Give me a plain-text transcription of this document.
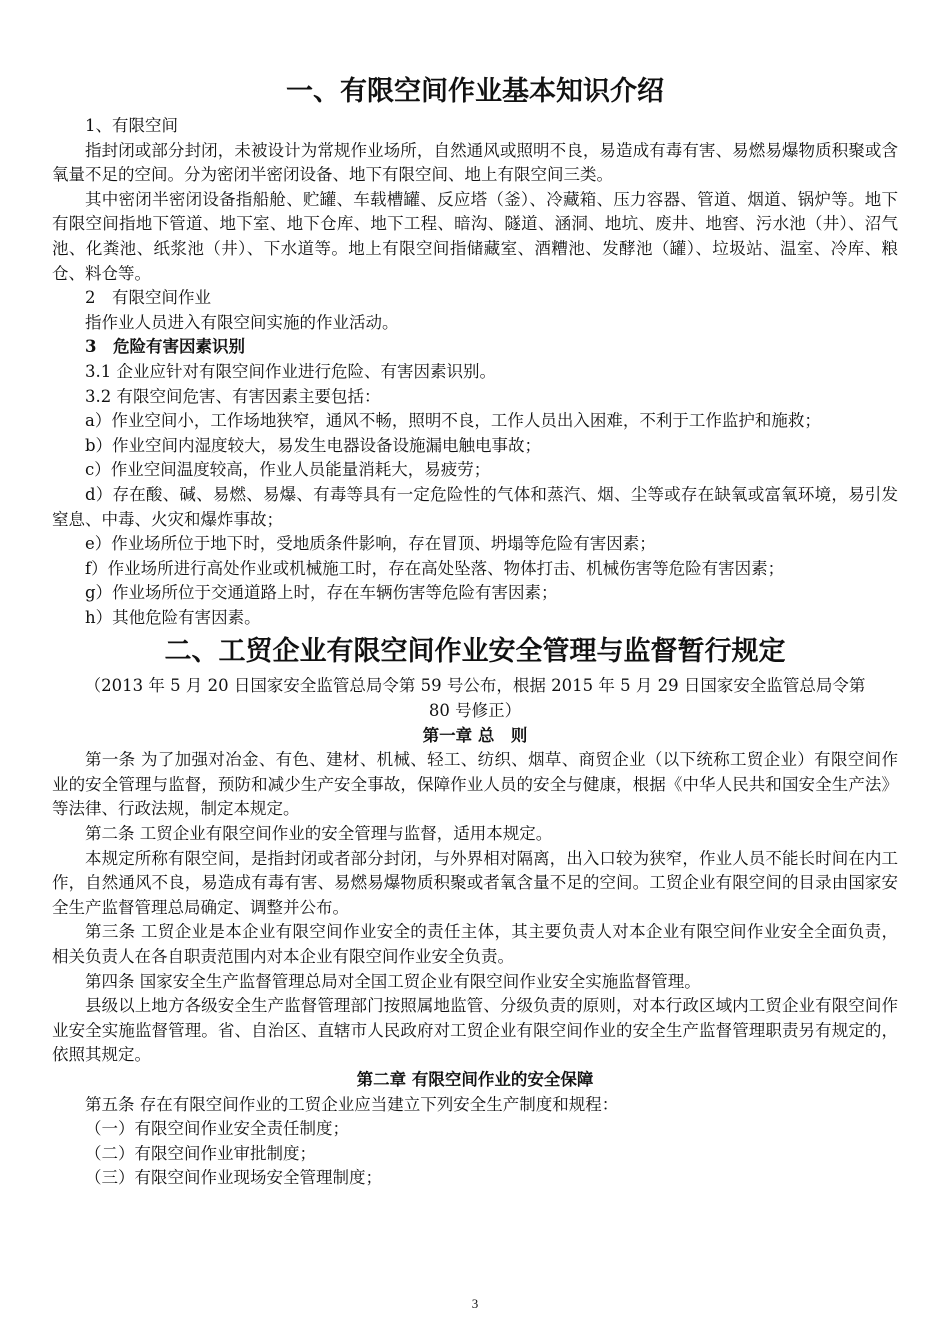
一、有限空间作业基本知识介绍

1、有限空间

指封闭或部分封闭，未被设计为常规作业场所，自然通风或照明不良，易造成有毒有害、易燃易爆物质积聚或含氧量不足的空间。分为密闭半密闭设备、地下有限空间、地上有限空间三类。

其中密闭半密闭设备指船舱、贮罐、车载槽罐、反应塔（釜）、冷藏箱、压力容器、管道、烟道、锅炉等。地下有限空间指地下管道、地下室、地下仓库、地下工程、暗沟、隧道、涵洞、地坑、废井、地窖、污水池（井）、沼气池、化粪池、纸浆池（井）、下水道等。地上有限空间指储藏室、酒糟池、发酵池（罐）、垃圾站、温室、冷库、粮仓、料仓等。

2　有限空间作业

指作业人员进入有限空间实施的作业活动。

3　危险有害因素识别

3.1 企业应针对有限空间作业进行危险、有害因素识别。

3.2 有限空间危害、有害因素主要包括：

a）作业空间小，工作场地狭窄，通风不畅，照明不良，工作人员出入困难，不利于工作监护和施救；

b）作业空间内湿度较大，易发生电器设备设施漏电触电事故；

c）作业空间温度较高，作业人员能量消耗大，易疲劳；

d）存在酸、碱、易燃、易爆、有毒等具有一定危险性的气体和蒸汽、烟、尘等或存在缺氧或富氧环境，易引发窒息、中毒、火灾和爆炸事故；

e）作业场所位于地下时，受地质条件影响，存在冒顶、坍塌等危险有害因素；

f）作业场所进行高处作业或机械施工时，存在高处坠落、物体打击、机械伤害等危险有害因素；

g）作业场所位于交通道路上时，存在车辆伤害等危险有害因素；

h）其他危险有害因素。

二、工贸企业有限空间作业安全管理与监督暂行规定

（2013 年 5 月 20 日国家安全监管总局令第 59 号公布，根据 2015 年 5 月 29 日国家安全监管总局令第 80 号修正）

第一章 总　则

第一条 为了加强对冶金、有色、建材、机械、轻工、纺织、烟草、商贸企业（以下统称工贸企业）有限空间作业的安全管理与监督，预防和减少生产安全事故，保障作业人员的安全与健康，根据《中华人民共和国安全生产法》等法律、行政法规，制定本规定。

第二条 工贸企业有限空间作业的安全管理与监督，适用本规定。

本规定所称有限空间，是指封闭或者部分封闭，与外界相对隔离，出入口较为狭窄，作业人员不能长时间在内工作，自然通风不良，易造成有毒有害、易燃易爆物质积聚或者氧含量不足的空间。工贸企业有限空间的目录由国家安全生产监督管理总局确定、调整并公布。

第三条 工贸企业是本企业有限空间作业安全的责任主体，其主要负责人对本企业有限空间作业安全全面负责，相关负责人在各自职责范围内对本企业有限空间作业安全负责。

第四条 国家安全生产监督管理总局对全国工贸企业有限空间作业安全实施监督管理。

县级以上地方各级安全生产监督管理部门按照属地监管、分级负责的原则，对本行政区域内工贸企业有限空间作业安全实施监督管理。省、自治区、直辖市人民政府对工贸企业有限空间作业的安全生产监督管理职责另有规定的，依照其规定。

第二章 有限空间作业的安全保障

第五条 存在有限空间作业的工贸企业应当建立下列安全生产制度和规程：

（一）有限空间作业安全责任制度；

（二）有限空间作业审批制度；

（三）有限空间作业现场安全管理制度；

3
